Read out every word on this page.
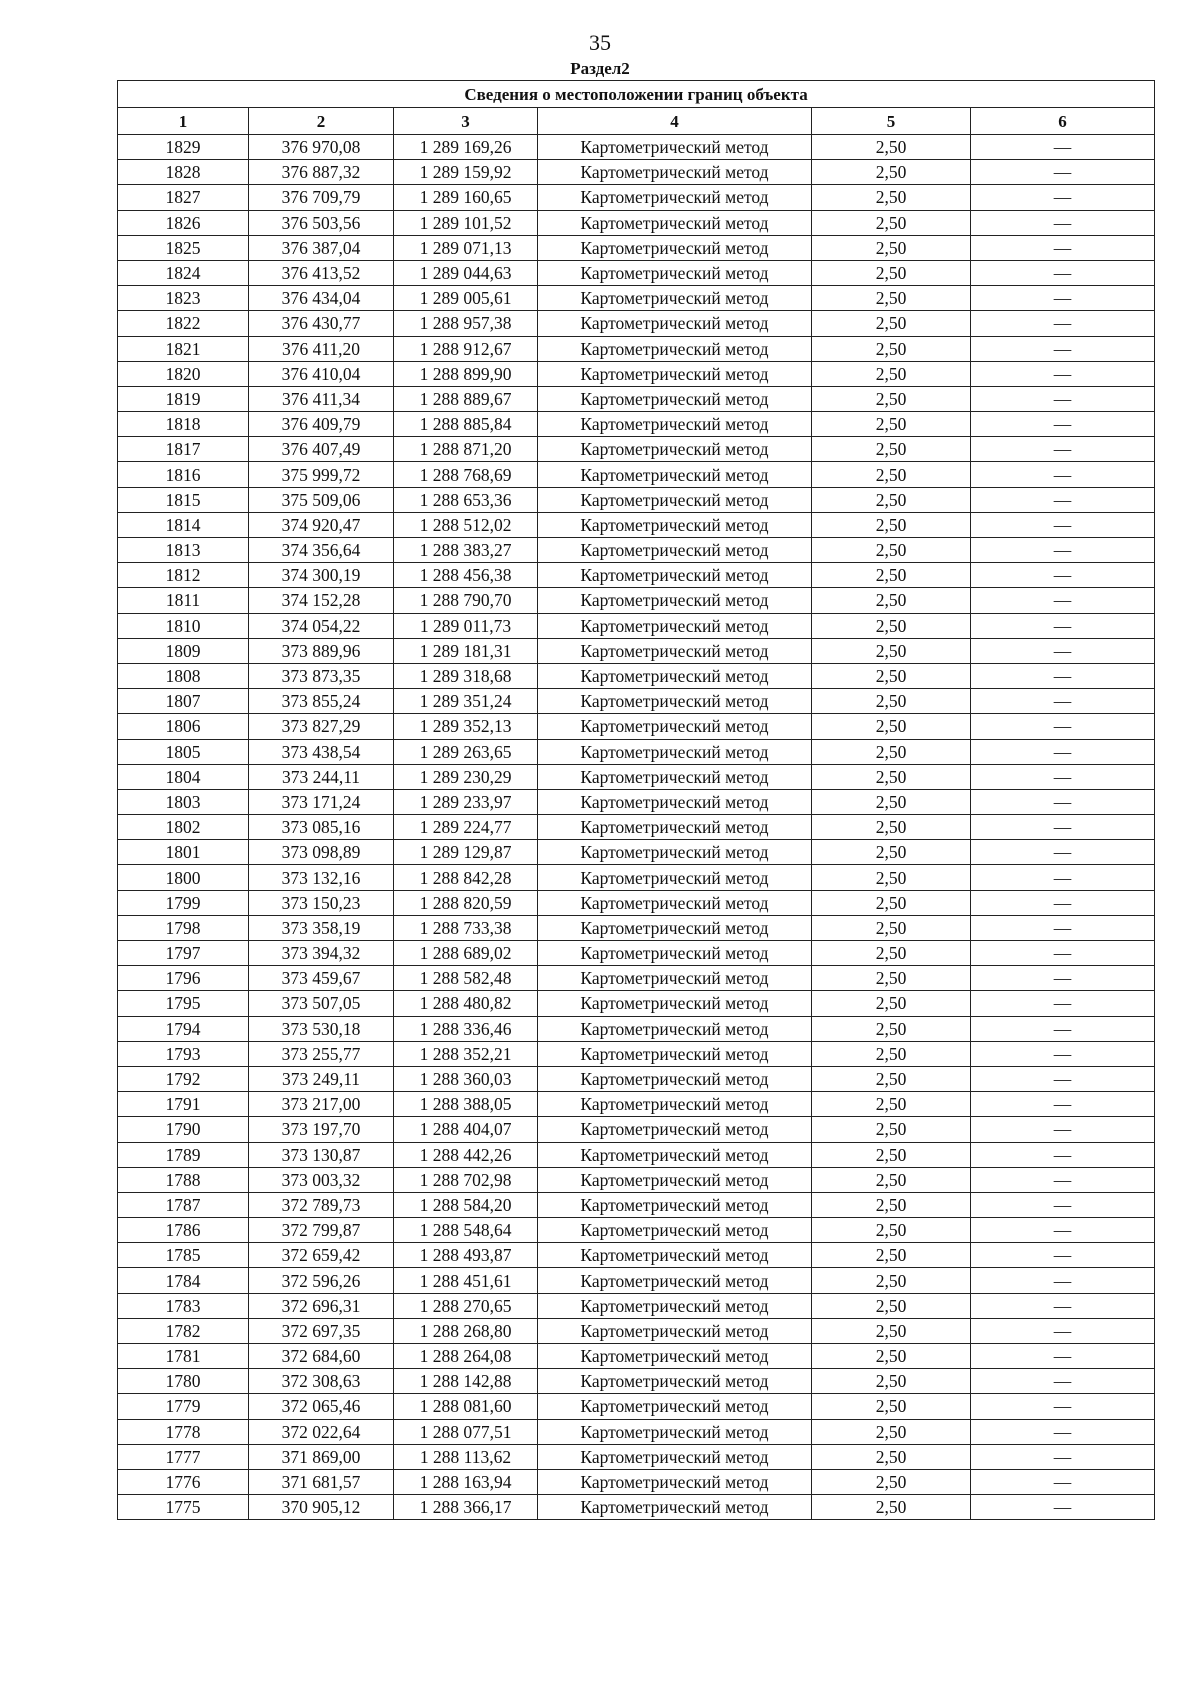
35
Раздел2
Сведения о местоположении границ объекта					
1	2	3	4	5	6
1829	376 970,08	1 289 169,26	Картометрический метод	2,50	—
1828	376 887,32	1 289 159,92	Картометрический метод	2,50	—
1827	376 709,79	1 289 160,65	Картометрический метод	2,50	—
1826	376 503,56	1 289 101,52	Картометрический метод	2,50	—
1825	376 387,04	1 289 071,13	Картометрический метод	2,50	—
1824	376 413,52	1 289 044,63	Картометрический метод	2,50	—
1823	376 434,04	1 289 005,61	Картометрический метод	2,50	—
1822	376 430,77	1 288 957,38	Картометрический метод	2,50	—
1821	376 411,20	1 288 912,67	Картометрический метод	2,50	—
1820	376 410,04	1 288 899,90	Картометрический метод	2,50	—
1819	376 411,34	1 288 889,67	Картометрический метод	2,50	—
1818	376 409,79	1 288 885,84	Картометрический метод	2,50	—
1817	376 407,49	1 288 871,20	Картометрический метод	2,50	—
1816	375 999,72	1 288 768,69	Картометрический метод	2,50	—
1815	375 509,06	1 288 653,36	Картометрический метод	2,50	—
1814	374 920,47	1 288 512,02	Картометрический метод	2,50	—
1813	374 356,64	1 288 383,27	Картометрический метод	2,50	—
1812	374 300,19	1 288 456,38	Картометрический метод	2,50	—
1811	374 152,28	1 288 790,70	Картометрический метод	2,50	—
1810	374 054,22	1 289 011,73	Картометрический метод	2,50	—
1809	373 889,96	1 289 181,31	Картометрический метод	2,50	—
1808	373 873,35	1 289 318,68	Картометрический метод	2,50	—
1807	373 855,24	1 289 351,24	Картометрический метод	2,50	—
1806	373 827,29	1 289 352,13	Картометрический метод	2,50	—
1805	373 438,54	1 289 263,65	Картометрический метод	2,50	—
1804	373 244,11	1 289 230,29	Картометрический метод	2,50	—
1803	373 171,24	1 289 233,97	Картометрический метод	2,50	—
1802	373 085,16	1 289 224,77	Картометрический метод	2,50	—
1801	373 098,89	1 289 129,87	Картометрический метод	2,50	—
1800	373 132,16	1 288 842,28	Картометрический метод	2,50	—
1799	373 150,23	1 288 820,59	Картометрический метод	2,50	—
1798	373 358,19	1 288 733,38	Картометрический метод	2,50	—
1797	373 394,32	1 288 689,02	Картометрический метод	2,50	—
1796	373 459,67	1 288 582,48	Картометрический метод	2,50	—
1795	373 507,05	1 288 480,82	Картометрический метод	2,50	—
1794	373 530,18	1 288 336,46	Картометрический метод	2,50	—
1793	373 255,77	1 288 352,21	Картометрический метод	2,50	—
1792	373 249,11	1 288 360,03	Картометрический метод	2,50	—
1791	373 217,00	1 288 388,05	Картометрический метод	2,50	—
1790	373 197,70	1 288 404,07	Картометрический метод	2,50	—
1789	373 130,87	1 288 442,26	Картометрический метод	2,50	—
1788	373 003,32	1 288 702,98	Картометрический метод	2,50	—
1787	372 789,73	1 288 584,20	Картометрический метод	2,50	—
1786	372 799,87	1 288 548,64	Картометрический метод	2,50	—
1785	372 659,42	1 288 493,87	Картометрический метод	2,50	—
1784	372 596,26	1 288 451,61	Картометрический метод	2,50	—
1783	372 696,31	1 288 270,65	Картометрический метод	2,50	—
1782	372 697,35	1 288 268,80	Картометрический метод	2,50	—
1781	372 684,60	1 288 264,08	Картометрический метод	2,50	—
1780	372 308,63	1 288 142,88	Картометрический метод	2,50	—
1779	372 065,46	1 288 081,60	Картометрический метод	2,50	—
1778	372 022,64	1 288 077,51	Картометрический метод	2,50	—
1777	371 869,00	1 288 113,62	Картометрический метод	2,50	—
1776	371 681,57	1 288 163,94	Картометрический метод	2,50	—
1775	370 905,12	1 288 366,17	Картометрический метод	2,50	—
